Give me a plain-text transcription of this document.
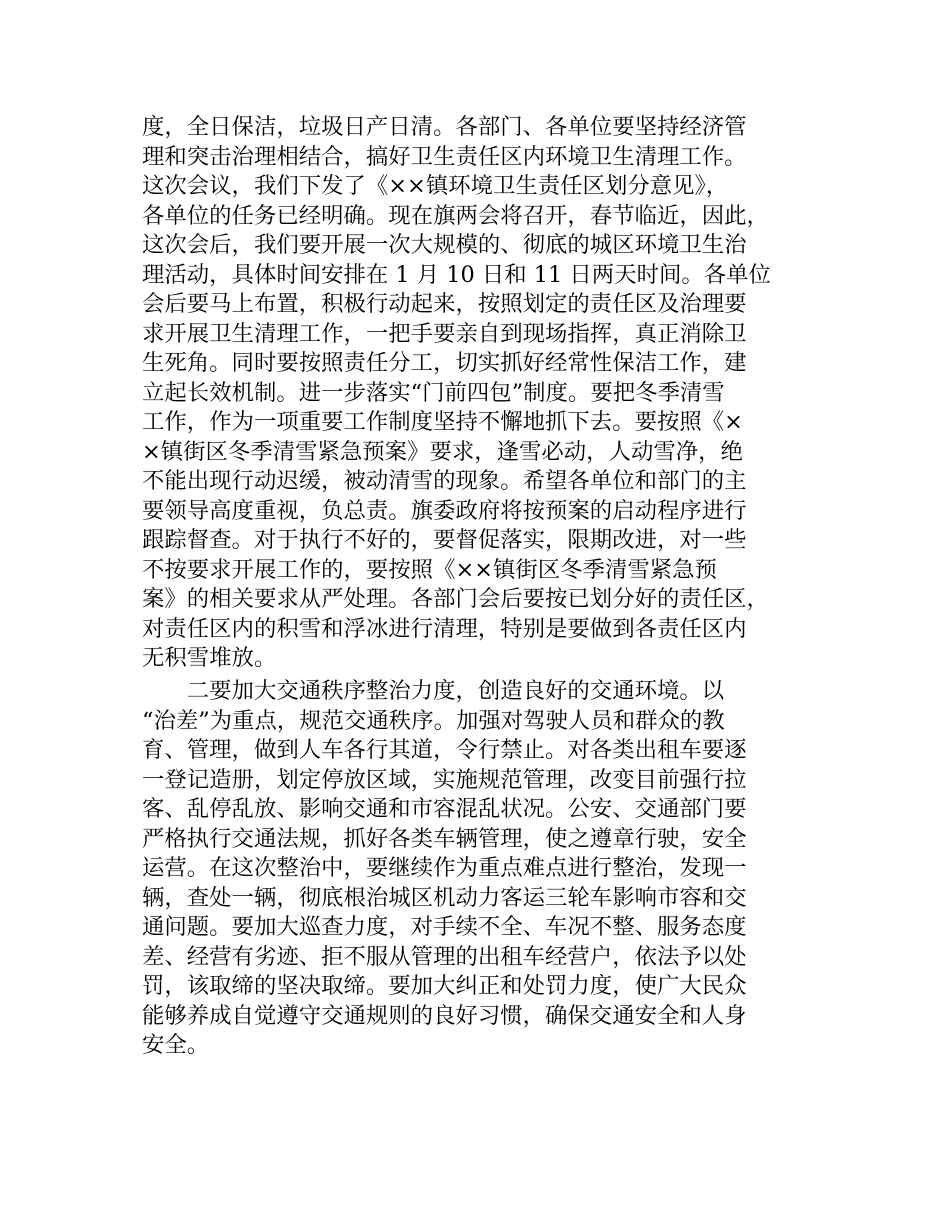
度，全日保洁，垃圾日产日清。各部门、各单位要坚持经济管
理和突击治理相结合，搞好卫生责任区内环境卫生清理工作。
这次会议，我们下发了《××镇环境卫生责任区划分意见》，
各单位的任务已经明确。现在旗两会将召开，春节临近，因此，
这次会后，我们要开展一次大规模的、彻底的城区环境卫生治
理活动，具体时间安排在 1 月 10 日和 11 日两天时间。各单位
会后要马上布置，积极行动起来，按照划定的责任区及治理要
求开展卫生清理工作，一把手要亲自到现场指挥，真正消除卫
生死角。同时要按照责任分工，切实抓好经常性保洁工作，建
立起长效机制。进一步落实“门前四包”制度。要把冬季清雪
工作，作为一项重要工作制度坚持不懈地抓下去。要按照《×
×镇街区冬季清雪紧急预案》要求，逢雪必动，人动雪净，绝
不能出现行动迟缓，被动清雪的现象。希望各单位和部门的主
要领导高度重视，负总责。旗委政府将按预案的启动程序进行
跟踪督查。对于执行不好的，要督促落实，限期改进，对一些
不按要求开展工作的，要按照《××镇街区冬季清雪紧急预
案》的相关要求从严处理。各部门会后要按已划分好的责任区，
对责任区内的积雪和浮冰进行清理，特别是要做到各责任区内
无积雪堆放。
　　二要加大交通秩序整治力度，创造良好的交通环境。以
“治差”为重点，规范交通秩序。加强对驾驶人员和群众的教
育、管理，做到人车各行其道，令行禁止。对各类出租车要逐
一登记造册，划定停放区域，实施规范管理，改变目前强行拉
客、乱停乱放、影响交通和市容混乱状况。公安、交通部门要
严格执行交通法规，抓好各类车辆管理，使之遵章行驶，安全
运营。在这次整治中，要继续作为重点难点进行整治，发现一
辆，查处一辆，彻底根治城区机动力客运三轮车影响市容和交
通问题。要加大巡查力度，对手续不全、车况不整、服务态度
差、经营有劣迹、拒不服从管理的出租车经营户，依法予以处
罚，该取缔的坚决取缔。要加大纠正和处罚力度，使广大民众
能够养成自觉遵守交通规则的良好习惯，确保交通安全和人身
安全。
